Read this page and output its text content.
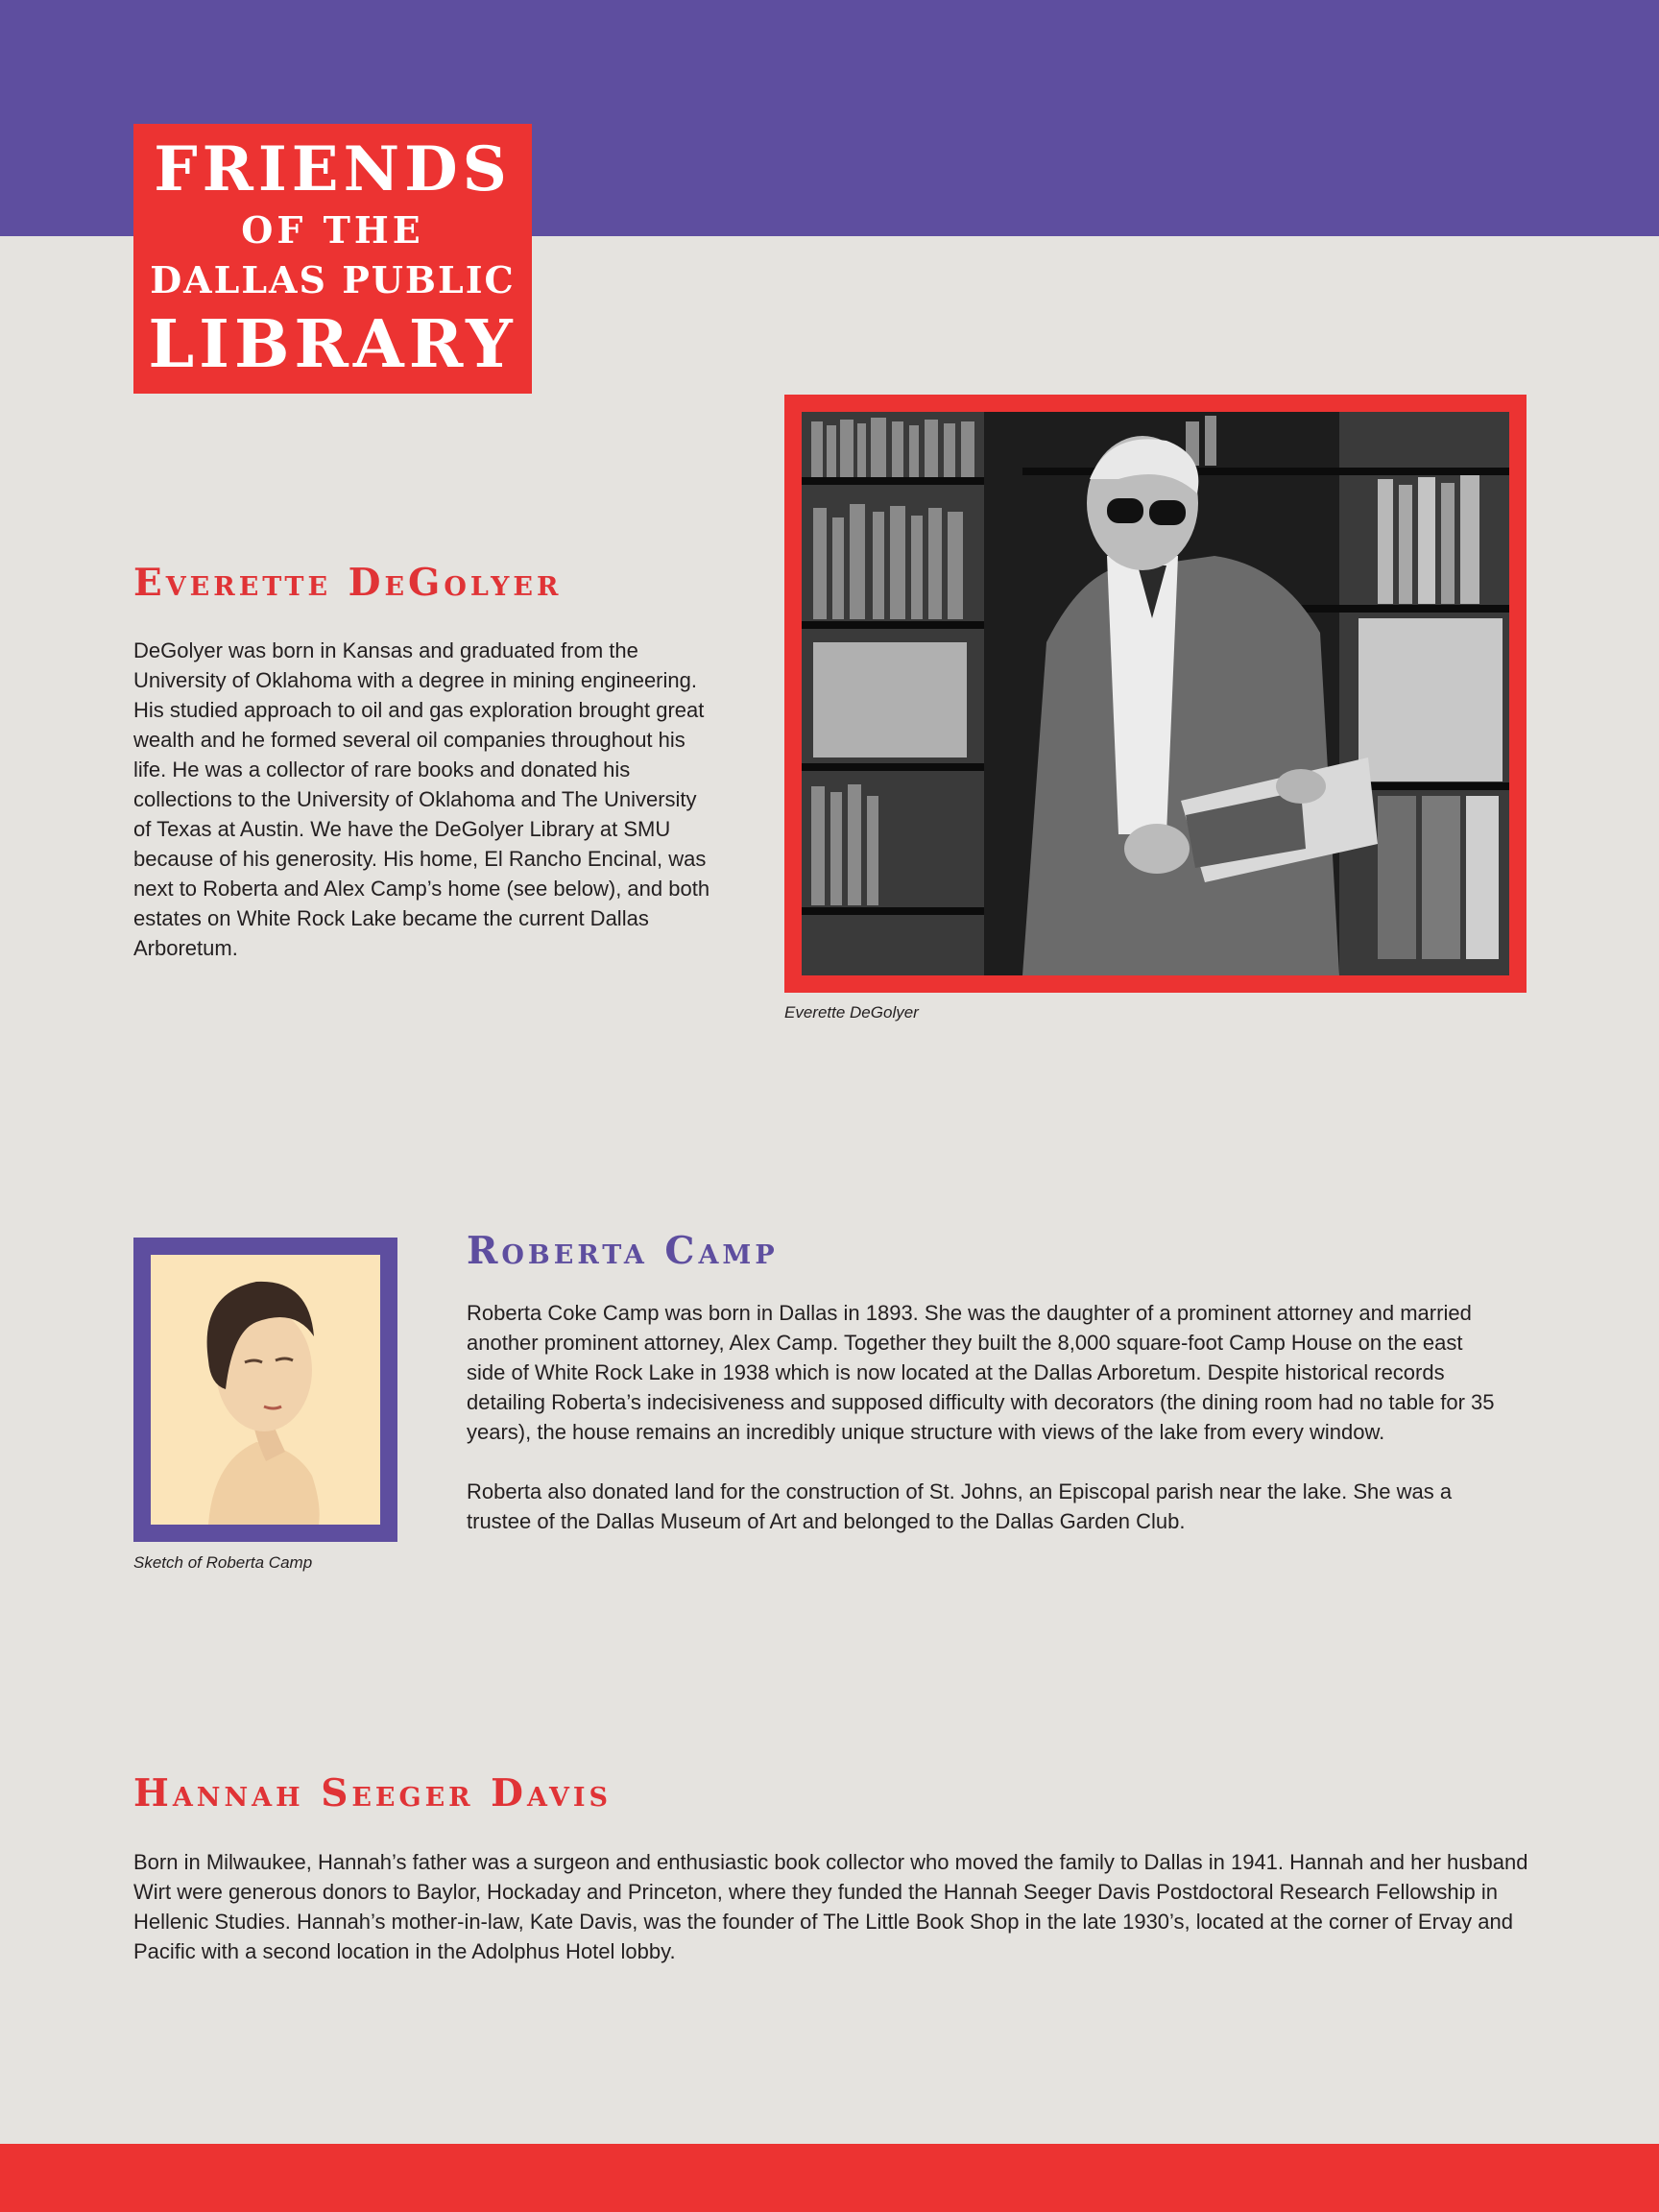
FRIENDS
OF THE
DALLAS PUBLIC
LIBRARY
Everette DeGolyer

DeGolyer was born in Kansas and graduated from the University of Oklahoma with a degree in mining engineering. His studied approach to oil and gas exploration brought great wealth and he formed several oil companies throughout his life. He was a collector of rare books and donated his collections to the University of Oklahoma and The University of Texas at Austin. We have the DeGolyer Library at SMU because of his generosity. His home, El Rancho Encinal, was next to Roberta and Alex Camp’s home (see below), and both estates on White Rock Lake became the current Dallas Arboretum.

Everette DeGolyer

Sketch of Roberta Camp

Roberta Camp

Roberta Coke Camp was born in Dallas in 1893. She was the daughter of a prominent attorney and married another prominent attorney, Alex Camp. Together they built the 8,000 square-foot Camp House on the east side of White Rock Lake in 1938 which is now located at the Dallas Arboretum. Despite historical records detailing Roberta’s indecisiveness and supposed difficulty with decorators (the dining room had no table for 35 years), the house remains an incredibly unique structure with views of the lake from every window.

Roberta also donated land for the construction of St. Johns, an Episcopal parish near the lake. She was a trustee of the Dallas Museum of Art and belonged to the Dallas Garden Club.

Hannah Seeger Davis

Born in Milwaukee, Hannah’s father was a surgeon and enthusiastic book collector who moved the family to Dallas in 1941. Hannah and her husband Wirt were generous donors to Baylor, Hockaday and Princeton, where they funded the Hannah Seeger Davis Postdoctoral Research Fellowship in Hellenic Studies. Hannah’s mother-in-law, Kate Davis, was the founder of The Little Book Shop in the late 1930’s, located at the corner of Ervay and Pacific with a second location in the Adolphus Hotel lobby.
